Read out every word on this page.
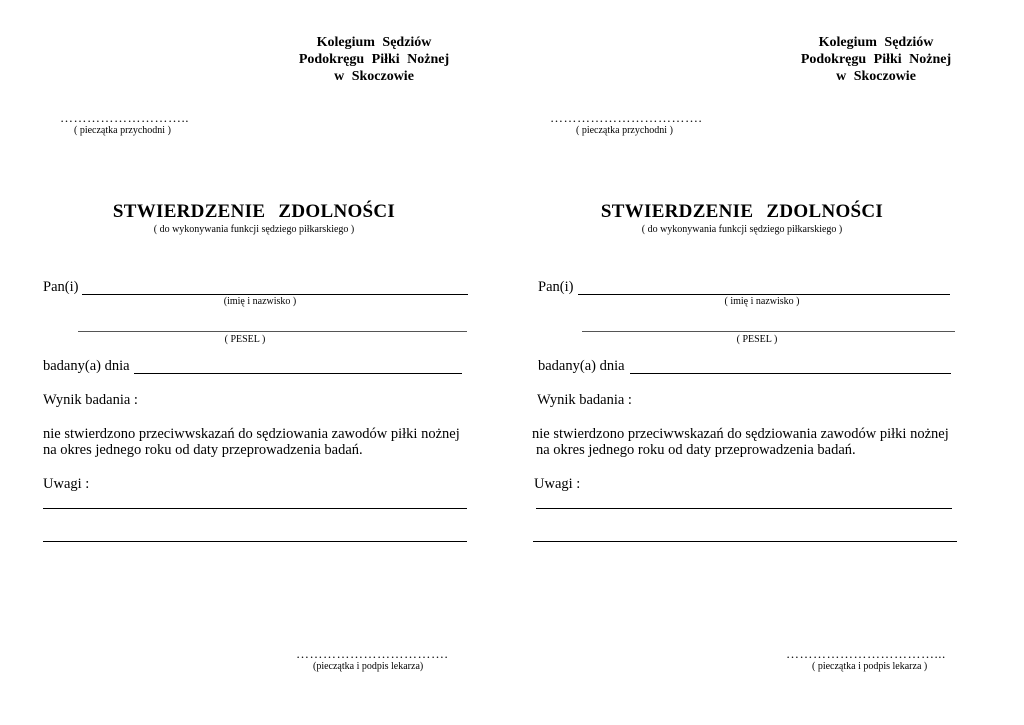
Kolegium Sędziów
Podokręgu Piłki Nożnej
w Skoczowie
………………………..
( pieczątka przychodni )
STWIERDZENIE ZDOLNOŚCI
( do wykonywania funkcji sędziego piłkarskiego )
Pan(i)
(imię i nazwisko )
( PESEL )
badany(a) dnia
Wynik badania :
nie stwierdzono przeciwwskazań do sędziowania zawodów piłki nożnej
na okres jednego roku od daty przeprowadzenia badań.
Uwagi :
…………………………….
(pieczątka i podpis lekarza)
Kolegium Sędziów
Podokręgu Piłki Nożnej
w Skoczowie
…………………………….
( pieczątka przychodni )
STWIERDZENIE ZDOLNOŚCI
( do wykonywania funkcji sędziego piłkarskiego )
Pan(i)
( imię i nazwisko )
( PESEL )
badany(a) dnia
Wynik badania :
nie stwierdzono przeciwwskazań do sędziowania zawodów piłki nożnej
na okres jednego roku od daty przeprowadzenia badań.
Uwagi :
……………………………...
( pieczątka i podpis lekarza )
